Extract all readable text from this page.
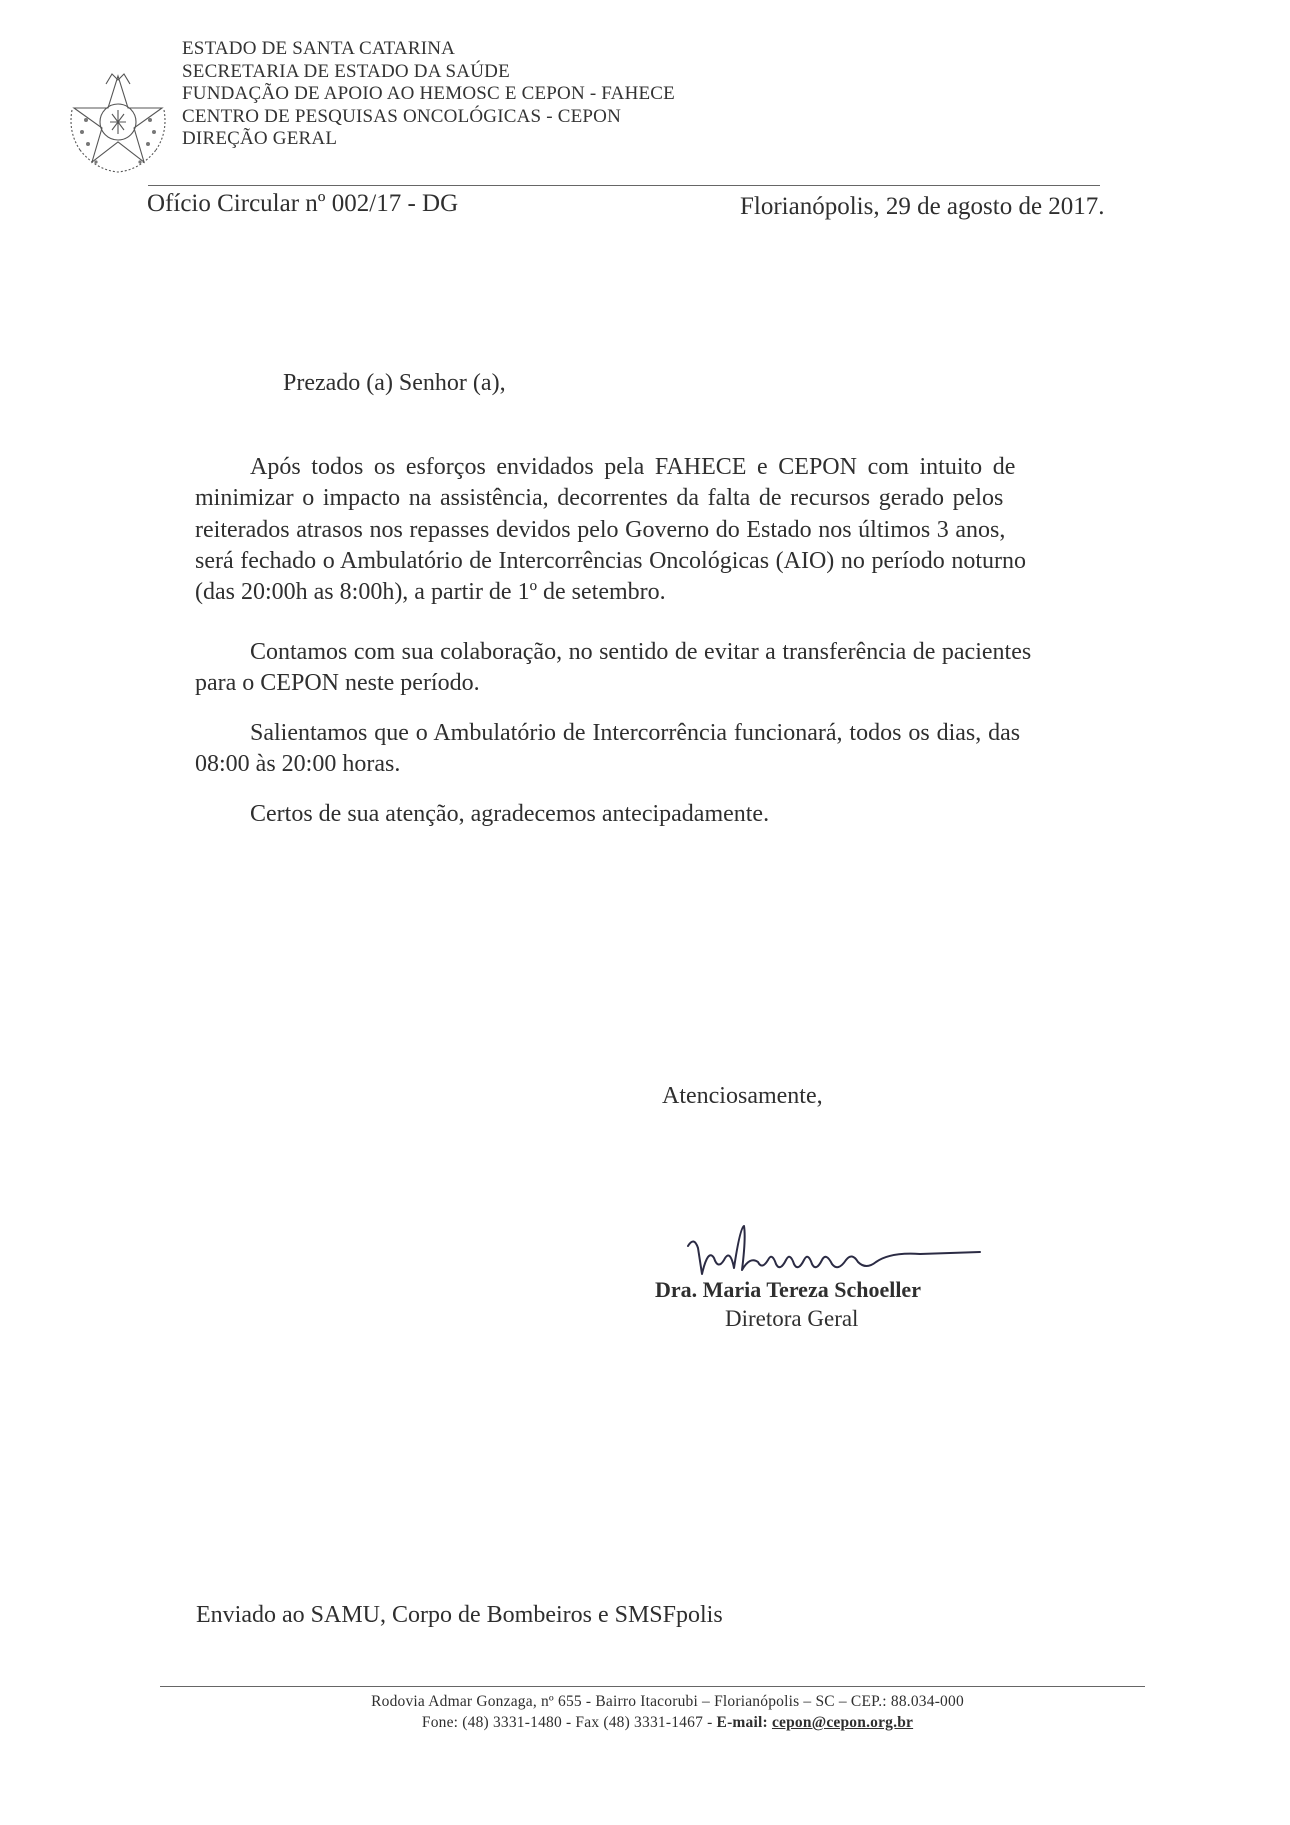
ESTADO DE SANTA CATARINA
SECRETARIA DE ESTADO DA SAÚDE
FUNDAÇÃO DE APOIO AO HEMOSC E CEPON - FAHECE
CENTRO DE PESQUISAS ONCOLÓGICAS - CEPON
DIREÇÃO GERAL
Ofício Circular nº 002/17 - DG	Florianópolis, 29 de agosto de 2017.
Prezado (a) Senhor (a),
Após todos os esforços envidados pela FAHECE e CEPON com intuito de
minimizar o impacto na assistência, decorrentes da falta de recursos gerado pelos
reiterados atrasos nos repasses devidos pelo Governo do Estado nos últimos 3 anos,
será fechado o Ambulatório de Intercorrências Oncológicas (AIO) no período noturno
(das 20:00h as 8:00h), a partir de 1º de setembro.
Contamos com sua colaboração, no sentido de evitar a transferência de pacientes
para o CEPON neste período.
Salientamos que o Ambulatório de Intercorrência funcionará, todos os dias, das
08:00 às 20:00 horas.
Certos de sua atenção, agradecemos antecipadamente.
Atenciosamente,
Dra. Maria Tereza Schoeller
Diretora Geral
Enviado ao SAMU, Corpo de Bombeiros e SMSFpolis
Rodovia Admar Gonzaga, nº 655 - Bairro Itacorubi – Florianópolis – SC – CEP.: 88.034-000
Fone: (48) 3331-1480 - Fax (48) 3331-1467 - E-mail: cepon@cepon.org.br
